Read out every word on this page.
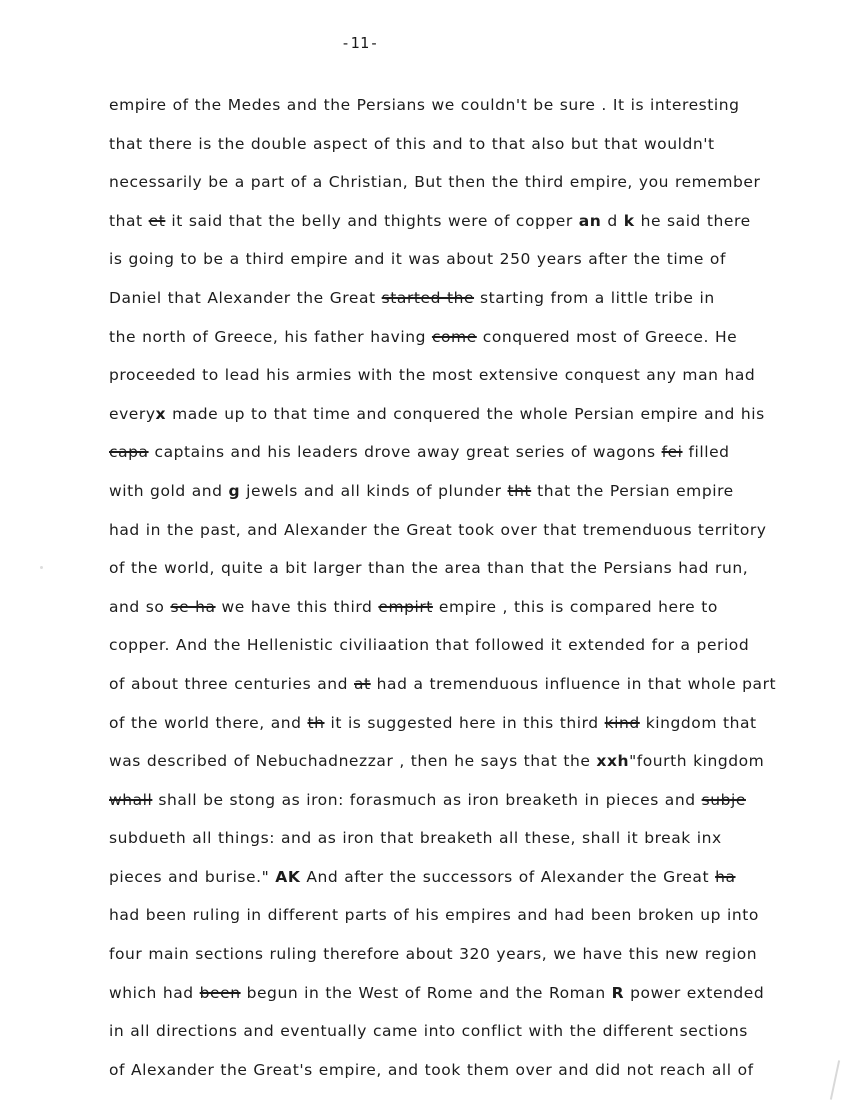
-11-
empire of the Medes and the Persians we couldn't be sure . It is interesting
that there is the double aspect of this and to that also but that wouldn't
necessarily be a part of a Christian, But then the third empire, you remember
that et it said that the belly and thights were of copper an d k he said there
is going to be a third empire and it was about 250 years after the time of
Daniel that Alexander the Great started the starting from a little tribe in
the north of Greece, his father having come conquered most of Greece. He
proceeded to lead his armies with the most extensive conquest any man had
everyx made up to that time and conquered the whole Persian empire and his
capa captains and his leaders drove away great series of wagons fei filled
with gold and g jewels and all kinds of plunder tht that the Persian empire
had in the past, and Alexander the Great took over that tremenduous territory
of the world, quite a bit larger than the area than that the Persians had run,
and so se ha we have this third empirt empire , this is compared here to
copper. And the Hellenistic civiliaation that followed it extended for a period
of about three centuries and at had a tremenduous influence in that whole part
of the world there, and th it is suggested here in this third kind kingdom that
was described of Nebuchadnezzar , then he says that the xxh"fourth kingdom
whall shall be stong as iron: forasmuch as iron breaketh in pieces and subje
subdueth all things: and as iron that breaketh all these, shall it break inx
pieces and burise." AK And after the successors of Alexander the Great ha
had been ruling in different parts of his empires and had been broken up into
four main sections ruling therefore about 320 years, we have this new region
which had been begun in the West of Rome and the Roman R power extended
in all directions and eventually came into conflict with the different sections
of Alexander the Great's empire, and took them over and did not reach all of
